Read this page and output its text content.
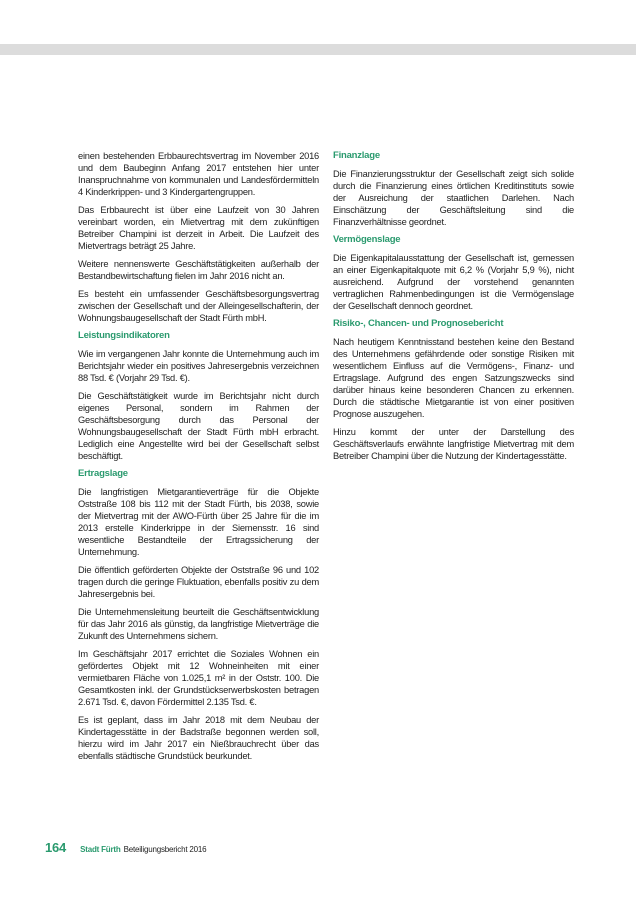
einen bestehenden Erbbaurechtsvertrag im November 2016 und dem Baubeginn Anfang 2017 entstehen hier unter Inanspruchnahme von kommunalen und Landesfördermitteln 4 Kinderkrippen- und 3 Kindergartengruppen.

Das Erbbaurecht ist über eine Laufzeit von 30 Jahren vereinbart worden, ein Mietvertrag mit dem zukünftigen Betreiber Champini ist derzeit in Arbeit. Die Laufzeit des Mietvertrags beträgt 25 Jahre.

Weitere nennenswerte Geschäftstätigkeiten außerhalb der Bestandbewirtschaftung fielen im Jahr 2016 nicht an.

Es besteht ein umfassender Geschäftsbesorgungsvertrag zwischen der Gesellschaft und der Alleingesellschafterin, der Wohnungsbaugesellschaft der Stadt Fürth mbH.

Leistungsindikatoren

Wie im vergangenen Jahr konnte die Unternehmung auch im Berichtsjahr wieder ein positives Jahresergebnis verzeichnen 88 Tsd. € (Vorjahr 29 Tsd. €).

Die Geschäftstätigkeit wurde im Berichtsjahr nicht durch eigenes Personal, sondern im Rahmen der Geschäftsbesorgung durch das Personal der Wohnungsbaugesellschaft der Stadt Fürth mbH erbracht. Lediglich eine Angestellte wird bei der Gesellschaft selbst beschäftigt.

Ertragslage

Die langfristigen Mietgarantieverträge für die Objekte Oststraße 108 bis 112 mit der Stadt Fürth, bis 2038, sowie der Mietvertrag mit der AWO-Fürth über 25 Jahre für die im 2013 erstelle Kinderkrippe in der Siemensstr. 16 sind wesentliche Bestandteile der Ertragssicherung der Unternehmung.

Die öffentlich geförderten Objekte der Oststraße 96 und 102 tragen durch die geringe Fluktuation, ebenfalls positiv zu dem Jahresergebnis bei.

Die Unternehmensleitung beurteilt die Geschäftsentwicklung für das Jahr 2016 als günstig, da langfristige Mietverträge die Zukunft des Unternehmens sichern.

Im Geschäftsjahr 2017 errichtet die Soziales Wohnen ein gefördertes Objekt mit 12 Wohneinheiten mit einer vermietbaren Fläche von 1.025,1 m² in der Oststr. 100. Die Gesamtkosten inkl. der Grundstückserwerbskosten betragen 2.671 Tsd. €, davon Fördermittel 2.135 Tsd. €.

Es ist geplant, dass im Jahr 2018 mit dem Neubau der Kindertagesstätte in der Badstraße begonnen werden soll, hierzu wird im Jahr 2017 ein Nießbrauchrecht über das ebenfalls städtische Grundstück beurkundet.

Finanzlage

Die Finanzierungsstruktur der Gesellschaft zeigt sich solide durch die Finanzierung eines örtlichen Kreditinstituts sowie der Ausreichung der staatlichen Darlehen. Nach Einschätzung der Geschäftsleitung sind die Finanzverhältnisse geordnet.

Vermögenslage

Die Eigenkapitalausstattung der Gesellschaft ist, gemessen an einer Eigenkapitalquote mit 6,2 % (Vorjahr 5,9 %), nicht ausreichend. Aufgrund der vorstehend genannten vertraglichen Rahmenbedingungen ist die Vermögenslage der Gesellschaft dennoch geordnet.

Risiko-, Chancen- und Prognosebericht

Nach heutigem Kenntnisstand bestehen keine den Bestand des Unternehmens gefährdende oder sonstige Risiken mit wesentlichem Einfluss auf die Vermögens-, Finanz- und Ertragslage. Aufgrund des engen Satzungszwecks sind darüber hinaus keine besonderen Chancen zu erkennen. Durch die städtische Mietgarantie ist von einer positiven Prognose auszugehen.

Hinzu kommt der unter der Darstellung des Geschäftsverlaufs erwähnte langfristige Mietvertrag mit dem Betreiber Champini über die Nutzung der Kindertagesstätte.

164 Stadt Fürth Beteiligungsbericht 2016
